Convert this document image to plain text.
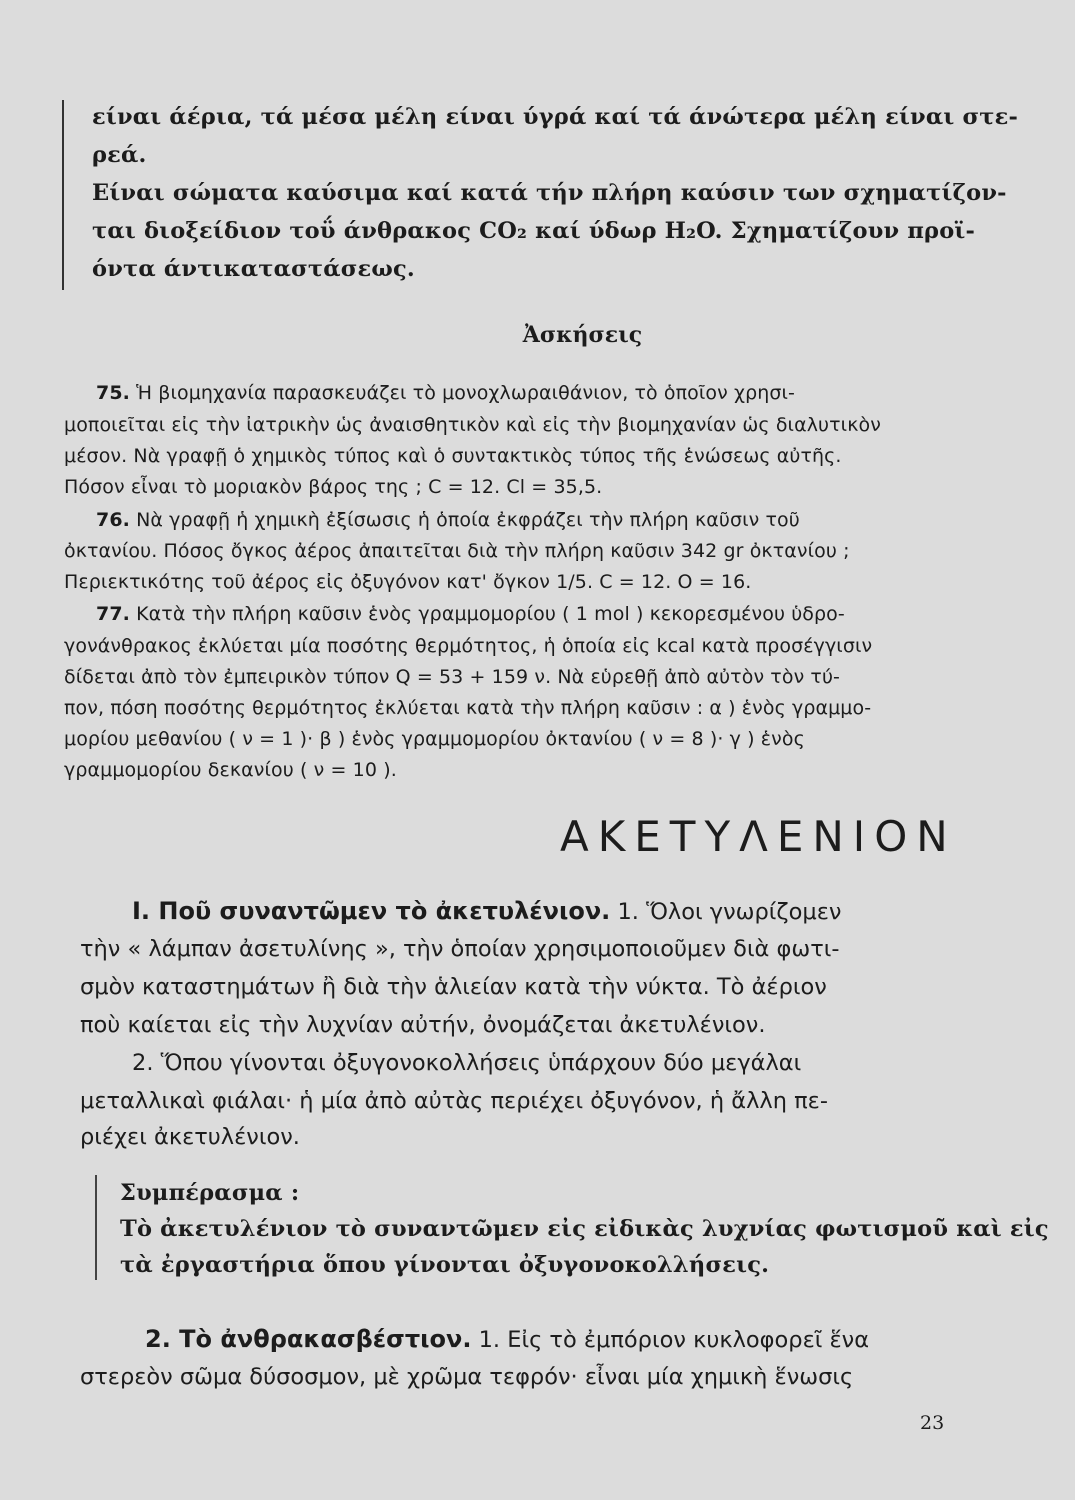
είναι άέρια, τά μέσα μέλη είναι ύγρά καί τά άνώτερα μέλη είναι στε-

ρεά.

Είναι σώματα καύσιμα καί κατά τήν πλήρη καύσιν των σχηματίζον-

ται διοξείδιον τοΰ άνθρακος CO₂ καί ύδωρ H₂O. Σχηματίζουν προϊ-

όντα άντικαταστάσεως.

Ἀσκήσεις

75. Ἡ βιομηχανία παρασκευάζει τὸ μονοχλωραιθάνιον, τὸ ὁποῖον χρησι-

μοποιεῖται εἰς τὴν ἰατρικὴν ὡς ἀναισθητικὸν καὶ εἰς τὴν βιομηχανίαν ὡς διαλυτικὸν

μέσον. Νὰ γραφῇ ὁ χημικὸς τύπος καὶ ὁ συντακτικὸς τύπος τῆς ἑνώσεως αὐτῆς.

Πόσον εἶναι τὸ μοριακὸν βάρος της ; C = 12. Cl = 35,5.

76. Νὰ γραφῇ ἡ χημικὴ ἐξίσωσις ἡ ὁποία ἐκφράζει τὴν πλήρη καῦσιν τοῦ

ὀκτανίου. Πόσος ὄγκος ἀέρος ἀπαιτεῖται διὰ τὴν πλήρη καῦσιν 342 gr ὀκτανίου ;

Περιεκτικότης τοῦ ἀέρος εἰς ὀξυγόνον κατ' ὄγκον 1/5. C = 12. O = 16.

77. Κατὰ τὴν πλήρη καῦσιν ἑνὸς γραμμομορίου ( 1 mol ) κεκορεσμένου ὑδρο-

γονάνθρακος ἐκλύεται μία ποσότης θερμότητος, ἡ ὁποία εἰς kcal κατὰ προσέγγισιν

δίδεται ἀπὸ τὸν ἐμπειρικὸν τύπον Q = 53 + 159 ν. Νὰ εὑρεθῇ ἀπὸ αὐτὸν τὸν τύ-

πον, πόση ποσότης θερμότητος ἐκλύεται κατὰ τὴν πλήρη καῦσιν : α ) ἑνὸς γραμμο-

μορίου μεθανίου ( ν = 1 )· β ) ἑνὸς γραμμομορίου ὀκτανίου ( ν = 8 )· γ ) ἑνὸς

γραμμομορίου δεκανίου ( ν = 10 ).

ΑΚΕΤΥΛΕΝΙΟΝ

Ι. Ποῦ συναντῶμεν τὸ ἀκετυλένιον. 1. Ὅλοι γνωρίζομεν

τὴν « λάμπαν ἀσετυλίνης », τὴν ὁποίαν χρησιμοποιοῦμεν διὰ φωτι-

σμὸν καταστημάτων ἢ διὰ τὴν ἁλιείαν κατὰ τὴν νύκτα. Τὸ ἀέριον

ποὺ καίεται εἰς τὴν λυχνίαν αὐτήν, ὀνομάζεται ἀκετυλένιον.

2. Ὅπου γίνονται ὀξυγονοκολλήσεις ὑπάρχουν δύο μεγάλαι

μεταλλικαὶ φιάλαι· ἡ μία ἀπὸ αὐτὰς περιέχει ὀξυγόνον, ἡ ἄλλη πε-

ριέχει ἀκετυλένιον.

Συμπέρασμα :

Τὸ ἀκετυλένιον τὸ συναντῶμεν εἰς εἰδικὰς λυχνίας φωτισμοῦ καὶ εἰς

τὰ ἐργαστήρια ὅπου γίνονται ὀξυγονοκολλήσεις.

2. Τὸ ἀνθρακασβέστιον. 1. Εἰς τὸ ἐμπόριον κυκλοφορεῖ ἕνα

στερεὸν σῶμα δύσοσμον, μὲ χρῶμα τεφρόν· εἶναι μία χημικὴ ἕνωσις

23
